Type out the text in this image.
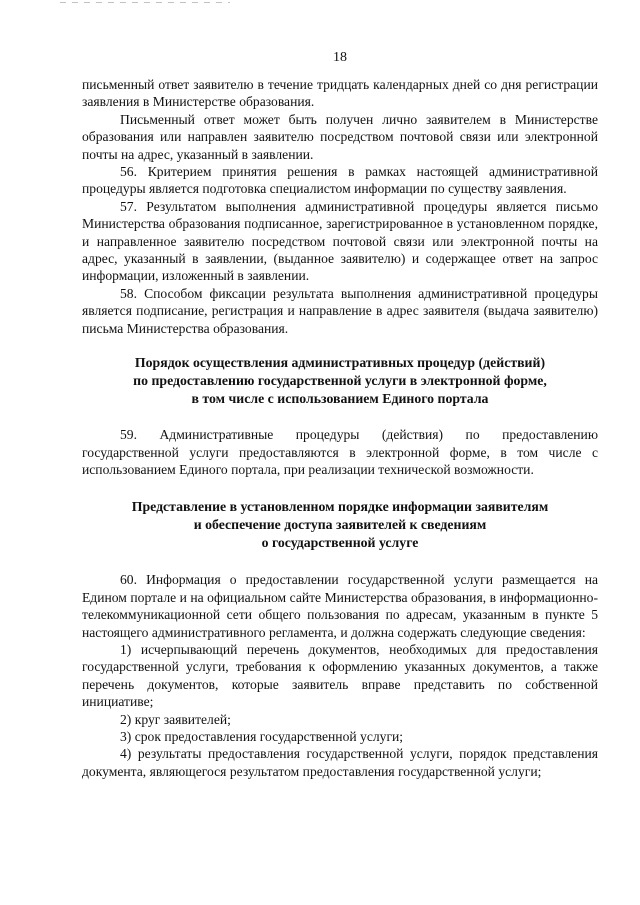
18

письменный ответ заявителю в течение тридцать календарных дней со дня регистрации заявления в Министерстве образования.

Письменный ответ может быть получен лично заявителем в Министерстве образования или направлен заявителю посредством почтовой связи или электронной почты на адрес, указанный в заявлении.

56. Критерием принятия решения в рамках настоящей административной процедуры является подготовка специалистом информации по существу заявления.

57. Результатом выполнения административной процедуры является письмо Министерства образования подписанное, зарегистрированное в установленном порядке, и направленное заявителю посредством почтовой связи или электронной почты на адрес, указанный в заявлении, (выданное заявителю) и содержащее ответ на запрос информации, изложенный в заявлении.

58. Способом фиксации результата выполнения административной процедуры является подписание, регистрация и направление в адрес заявителя (выдача заявителю) письма Министерства образования.

Порядок осуществления административных процедур (действий)

по предоставлению государственной услуги в электронной форме,

в том числе с использованием Единого портала

59. Административные процедуры (действия) по предоставлению государственной услуги предоставляются в электронной форме, в том числе с использованием Единого портала, при реализации технической возможности.

Представление в установленном порядке информации заявителям

и обеспечение доступа заявителей к сведениям

о государственной услуге

60. Информация о предоставлении государственной услуги размещается на Едином портале и на официальном сайте Министерства образования, в информационно-телекоммуникационной сети общего пользования по адресам, указанным в пункте 5 настоящего административного регламента, и должна содержать следующие сведения:

1) исчерпывающий перечень документов, необходимых для предоставления государственной услуги, требования к оформлению указанных документов, а также перечень документов, которые заявитель вправе представить по собственной инициативе;

2) круг заявителей;

3) срок предоставления государственной услуги;

4) результаты предоставления государственной услуги, порядок представления документа, являющегося результатом предоставления государственной услуги;
